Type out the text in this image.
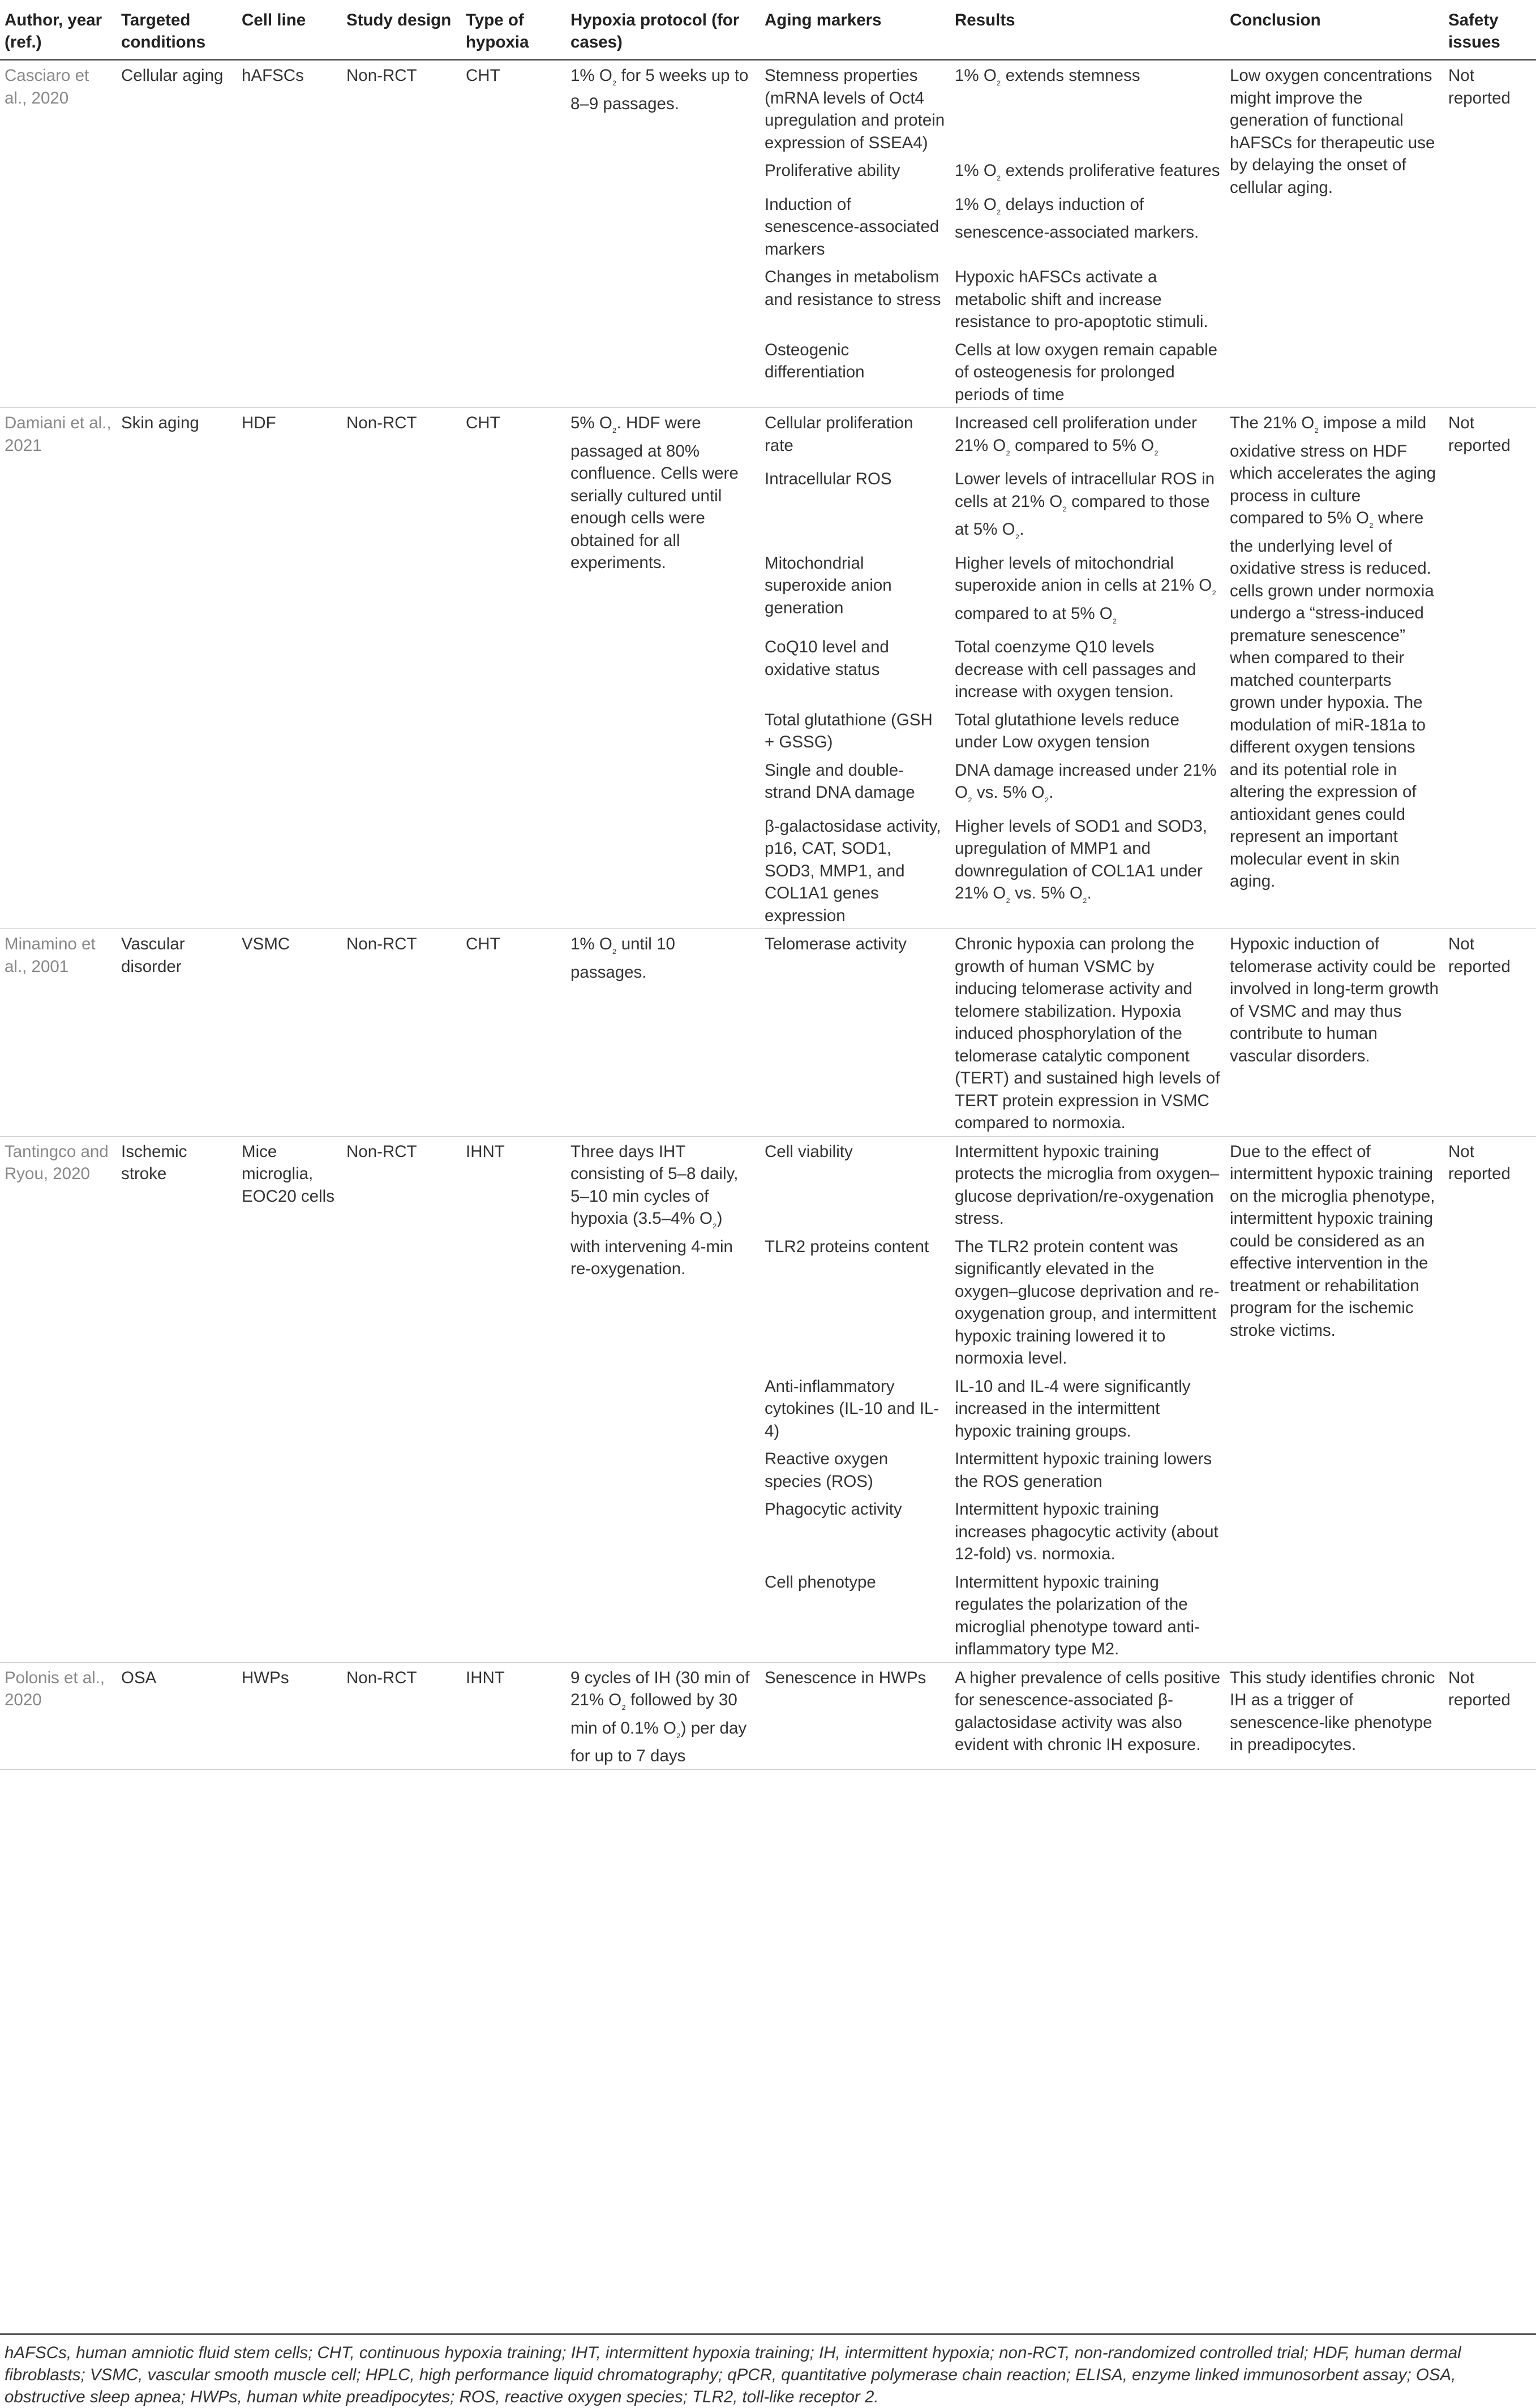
Author, year (ref.)	Targeted conditions	Cell line	Study design	Type of hypoxia	Hypoxia protocol (for cases)	Aging markers	Results	Conclusion	Safety issues
Casciaro et al., 2020	Cellular aging	hAFSCs	Non-RCT	CHT	1% $O_{_2}$ for 5 weeks up to 8–9 passages.	Stemness properties (mRNA levels of Oct4 upregulation and protein expression of SSEA4)	1% $O_{_2}$ extends stemness	Low oxygen concentrations might improve the generation of functional hAFSCs for therapeutic use by delaying the onset of cellular aging.	Not reported
						Proliferative ability	1% $O_{_2}$ extends proliferative features		
						Induction of senescence-associated markers	1% $O_{_2}$ delays induction of senescence-associated markers.		
						Changes in metabolism and resistance to stress	Hypoxic hAFSCs activate a metabolic shift and increase resistance to pro-apoptotic stimuli.		
						Osteogenic differentiation	Cells at low oxygen remain capable of osteogenesis for prolonged periods of time		
Damiani et al., 2021	Skin aging	HDF	Non-RCT	CHT	5% $O_{_2}$. HDF were passaged at 80% confluence. Cells were serially cultured until enough cells were obtained for all experiments.	Cellular proliferation rate	Increased cell proliferation under 21% $O_{_2}$ compared to 5% $O_{_2}$	The 21% $O_{_2}$ impose a mild oxidative stress on HDF which accelerates the aging process in culture compared to 5% $O_{_2}$ where the underlying level of oxidative stress is reduced. cells grown under normoxia undergo a “stress-induced premature senescence” when compared to their matched counterparts grown under hypoxia. The modulation of miR-181a to different oxygen tensions and its potential role in altering the expression of antioxidant genes could represent an important molecular event in skin aging.	Not reported
						Intracellular ROS	Lower levels of intracellular ROS in cells at 21% $O_{_2}$ compared to those at 5% $O_{_2}$.		
						Mitochondrial superoxide anion generation	Higher levels of mitochondrial superoxide anion in cells at 21% $O_{_2}$ compared to at 5% $O_{_2}$
						CoQ10 level and oxidative status	Total coenzyme Q10 levels decrease with cell passages and increase with oxygen tension.		
						Total glutathione (GSH + GSSG)	Total glutathione levels reduce under Low oxygen tension		
						Single and double-strand DNA damage	DNA damage increased under 21% $O_{_2}$ vs. 5% $O_{_2}$.		
						β-galactosidase activity, p16, CAT, SOD1, SOD3, MMP1, and COL1A1 genes expression	Higher levels of SOD1 and SOD3, upregulation of MMP1 and downregulation of COL1A1 under 21% $O_{_2}$ vs. 5% $O_{_2}$.		
Minamino et al., 2001	Vascular disorder	VSMC	Non-RCT	CHT	1% $O_{_2}$ until 10 passages.	Telomerase activity	Chronic hypoxia can prolong the growth of human VSMC by inducing telomerase activity and telomere stabilization. Hypoxia induced phosphorylation of the telomerase catalytic component (TERT) and sustained high levels of TERT protein expression in VSMC compared to normoxia.	Hypoxic induction of telomerase activity could be involved in long-term growth of VSMC and may thus contribute to human vascular disorders.	Not reported
Tantingco and Ryou, 2020	Ischemic stroke	Mice microglia, EOC20 cells	Non-RCT	IHNT	Three days IHT consisting of 5–8 daily, 5–10 min cycles of hypoxia (3.5–4% $O_{_2}$) with intervening 4-min re-oxygenation.	Cell viability	Intermittent hypoxic training protects the microglia from oxygen–glucose deprivation/re-oxygenation stress.	Due to the effect of intermittent hypoxic training on the microglia phenotype, intermittent hypoxic training could be considered as an effective intervention in the treatment or rehabilitation program for the ischemic stroke victims.	Not reported
						TLR2 proteins content	The TLR2 protein content was significantly elevated in the oxygen–glucose deprivation and re-oxygenation group, and intermittent hypoxic training lowered it to normoxia level.		
						Anti-inflammatory cytokines (IL-10 and IL-4)	IL-10 and IL-4 were significantly increased in the intermittent hypoxic training groups.		
						Reactive oxygen species (ROS)	Intermittent hypoxic training lowers the ROS generation		
						Phagocytic activity	Intermittent hypoxic training increases phagocytic activity (about 12-fold) vs. normoxia.		
						Cell phenotype	Intermittent hypoxic training regulates the polarization of the microglial phenotype toward anti-inflammatory type M2.		
Polonis et al., 2020	OSA	HWPs	Non-RCT	IHNT	9 cycles of IH (30 min of 21% $O_{_2}$ followed by 30 min of 0.1% $O_{_2}$) per day for up to 7 days	Senescence in HWPs	A higher prevalence of cells positive for senescence-associated β-galactosidase activity was also evident with chronic IH exposure.	This study identifies chronic IH as a trigger of senescence-like phenotype in preadipocytes.	Not reported
hAFSCs, human amniotic fluid stem cells; CHT, continuous hypoxia training; IHT, intermittent hypoxia training; IH, intermittent hypoxia; non-RCT, non-randomized controlled trial; HDF, human dermal fibroblasts; VSMC, vascular smooth muscle cell; HPLC, high performance liquid chromatography; qPCR, quantitative polymerase chain reaction; ELISA, enzyme linked immunosorbent assay; OSA, obstructive sleep apnea; HWPs, human white preadipocytes; ROS, reactive oxygen species; TLR2, toll-like receptor 2.
